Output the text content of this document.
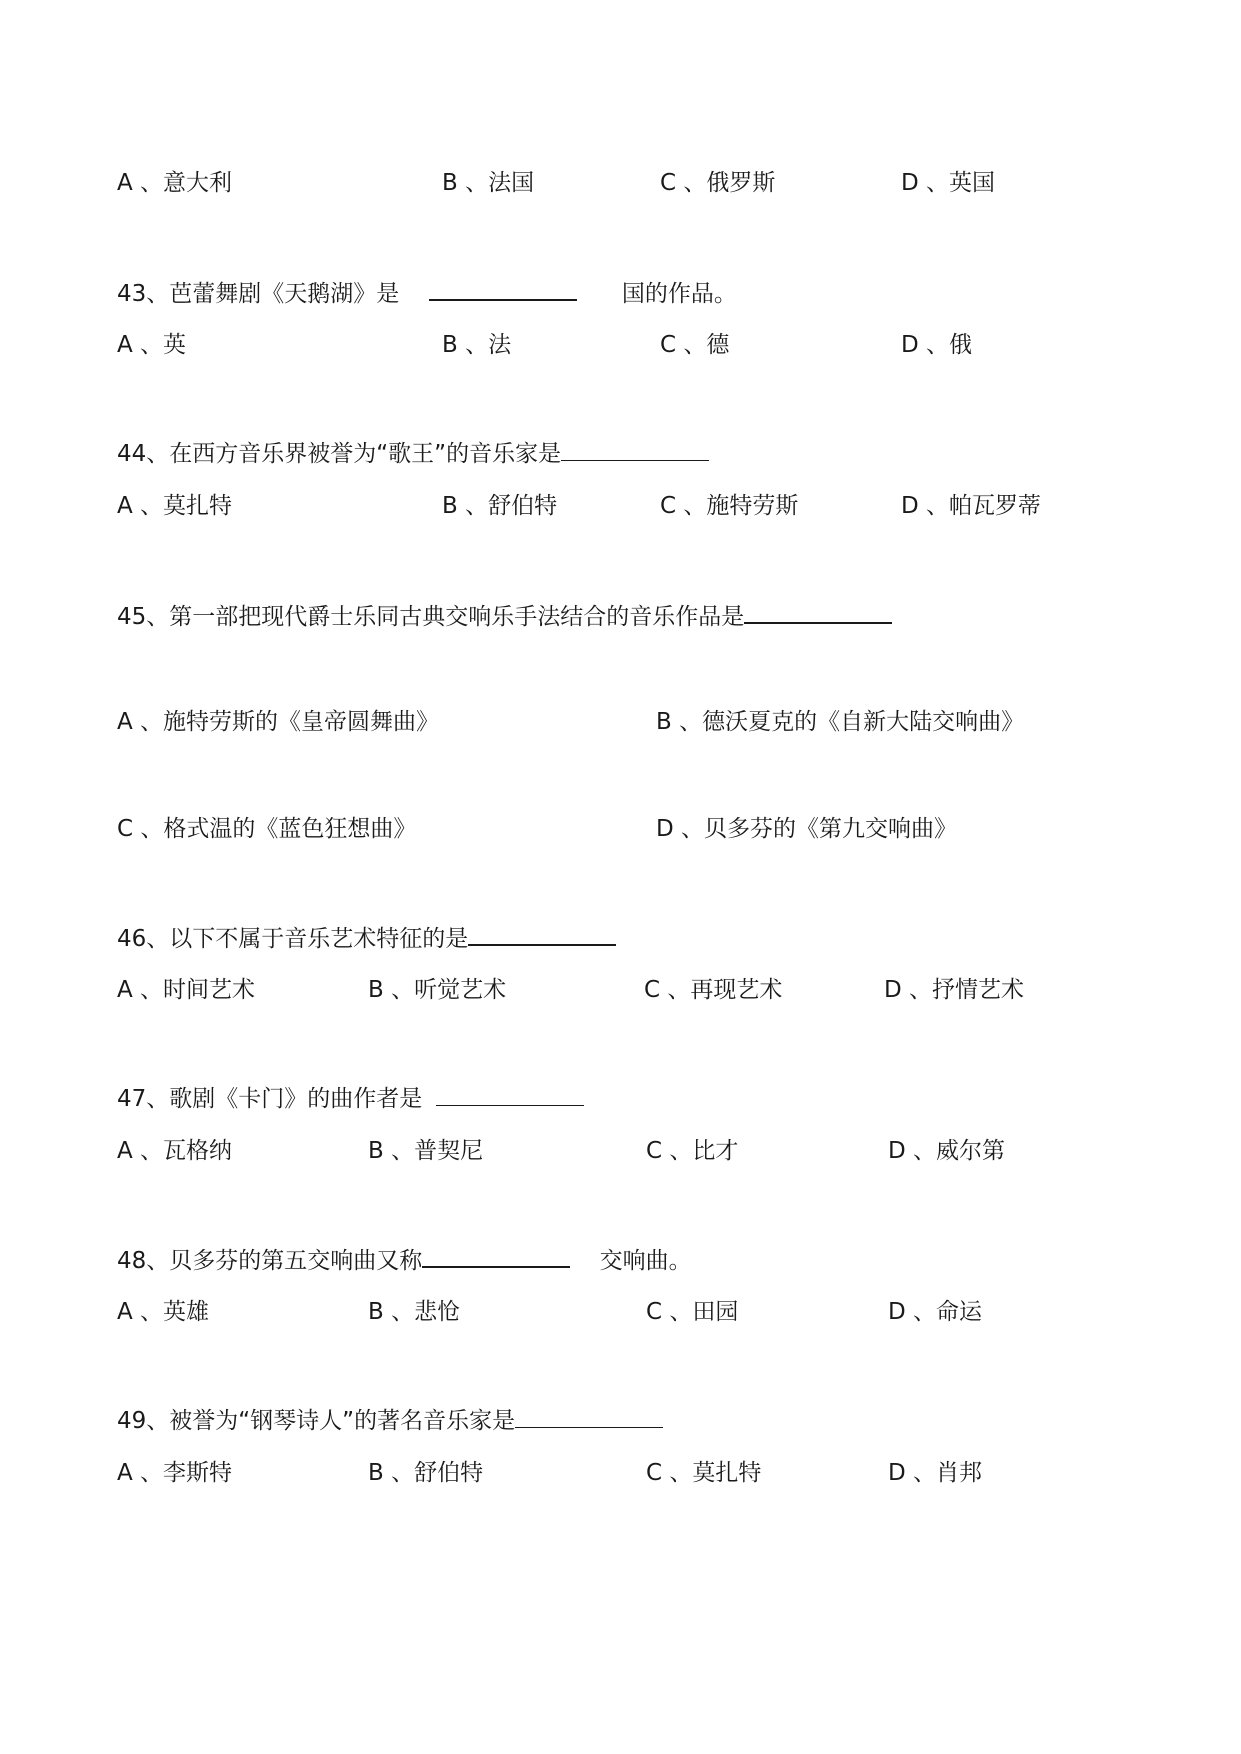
A 、意大利	B 、法国	C 、俄罗斯	D 、英国
43、芭蕾舞剧《天鹅湖》是	国的作品。
A 、英	B 、法	C 、德	D 、俄
44、在西方音乐界被誉为“歌王”的音乐家是
A 、莫扎特	B 、舒伯特	C 、施特劳斯	D 、帕瓦罗蒂
45、第一部把现代爵士乐同古典交响乐手法结合的音乐作品是
A 、施特劳斯的《皇帝圆舞曲》	B 、德沃夏克的《自新大陆交响曲》
C 、格式温的《蓝色狂想曲》	D 、贝多芬的《第九交响曲》
46、以下不属于音乐艺术特征的是
A 、时间艺术	B 、听觉艺术	C 、再现艺术	D 、抒情艺术
47、歌剧《卡门》的曲作者是
A 、瓦格纳	B 、普契尼	C 、比才	D 、威尔第
48、贝多芬的第五交响曲又称	交响曲。
A 、英雄	B 、悲怆	C 、田园	D 、命运
49、被誉为“钢琴诗人”的著名音乐家是
A 、李斯特	B 、舒伯特	C 、莫扎特	D 、肖邦
